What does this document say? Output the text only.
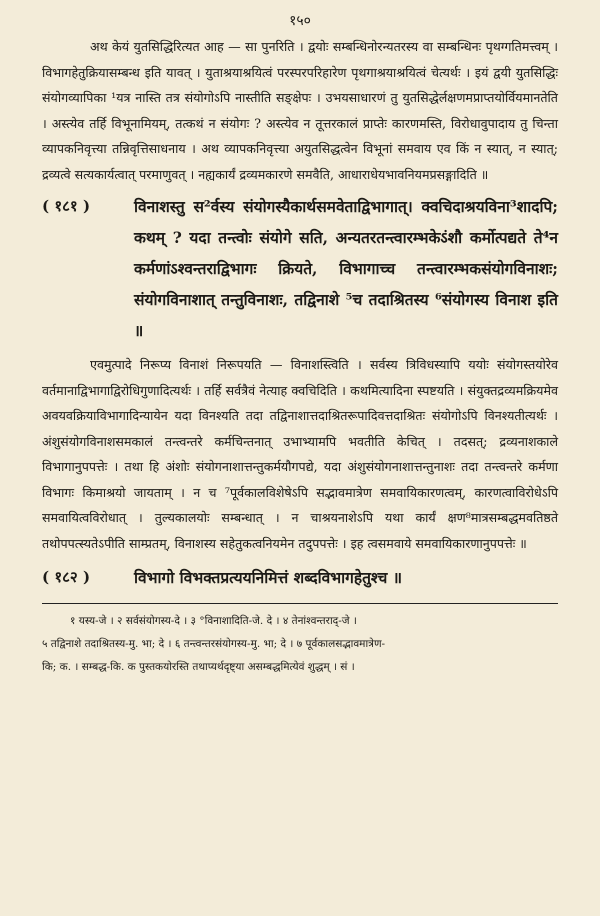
१५०

अथ केयं युतसिद्धिरित्यत आह — सा पुनरिति । द्वयोः सम्बन्धिनोरन्यतरस्य वा सम्बन्धिनः पृथग्गतिमत्त्वम् । विभागहेतुक्रियासम्बन्ध इति यावत् । युताश्रयाश्रयित्वं परस्परपरिहारेण पृथगाश्रयाश्रयित्वं चेत्यर्थः । इयं द्वयी युतसिद्धिः संयोगव्यापिका ¹यत्र नास्ति तत्र संयोगोऽपि नास्तीति सङ्क्षेपः । उभयसाधारणं तु युतसिद्धेर्लक्षणमप्राप्तयोर्वियमानतेति । अस्त्येव तर्हि विभूनामियम्, तत्कथं न संयोगः ? अस्त्येव न तूत्तरकालं प्राप्तेः कारणमस्ति, विरोधावुपादाय तु चिन्ता व्यापकनिवृत्त्या तन्निवृत्तिसाधनाय । अथ व्यापकनिवृत्त्या अयुतसिद्धत्वेन विभूनां समवाय एव किं न स्यात्, न स्यात्; द्रव्यत्वे सत्यकार्यत्वात् परमाणुवत् । नह्यकार्यं द्रव्यमकारणे समवैति, आधाराधेयभावनियमप्रसङ्गादिति ॥

( १८१ )	विनाशस्तु स²र्वस्य संयोगस्यैकार्थसमवेताद्विभागात्। क्वचिदाश्रयविना³शादपि; कथम् ? यदा तन्त्वोः संयोगे सति, अन्यतरतन्त्वारम्भकेऽंशौ कर्मोत्पद्यते ते⁴न कर्मणांऽश्वन्तराद्विभागः क्रियते, विभागाच्च तन्त्वारम्भकसंयोगविनाशः; संयोगविनाशात् तन्तुविनाशः, तद्विनाशे ⁵च तदाश्रितस्य ⁶संयोगस्य विनाश इति ॥

एवमुत्पादे निरूप्य विनाशं निरूपयति — विनाशस्त्विति । सर्वस्य त्रिविधस्यापि ययोः संयोगस्तयोरेव वर्तमानाद्विभागाद्विरोधिगुणादित्यर्थः । तर्हि सर्वत्रैवं नेत्याह क्वचिदिति । कथमित्यादिना स्पष्टयति । संयुक्तद्रव्यमक्रियमेव अवयवक्रियाविभागादिन्यायेन यदा विनश्यति तदा तद्विनाशात्तदाश्रितरूपादिवत्तदाश्रितः संयोगोऽपि विनश्यतीत्यर्थः । अंशुसंयोगविनाशसमकालं तन्त्वन्तरे कर्मचिन्तनात् उभाभ्यामपि भवतीति केचित् । तदसत्; द्रव्यनाशकाले विभागानुपपत्तेः । तथा हि अंशोः संयोगनाशात्तन्तुकर्मयौगपद्ये, यदा अंशुसंयोगनाशात्तन्तुनाशः तदा तन्त्वन्तरे कर्मणा विभागः किमाश्रयो जायताम् । न च ⁷पूर्वकालविशेषेऽपि सद्भावमात्रेण समवायिकारणत्वम्, कारणत्वाविरोधेऽपि समवायित्वविरोधात् । तुल्यकालयोः सम्बन्धात् । न चाश्रयनाशेऽपि यथा कार्यं क्षण⁸मात्रसम्बद्धमवतिष्ठते तथोपपत्स्यतेऽपीति साम्प्रतम्, विनाशस्य सहेतुकत्वनियमेन तदुपपत्तेः । इह त्वसमवाये समवायिकारणानुपपत्तेः ॥

( १८२ )	विभागो विभक्तप्रत्ययनिमित्तं शब्दविभागहेतुश्च ॥

१ यस्य-जे । २ सर्वसंयोगस्य-दे । ३ °विनाशादिति-जे. दे । ४ तेनांश्वन्तराद्-जे ।

५ तद्विनाशे तदाश्रितस्य-मु. भा; दे । ६ तन्त्वन्तरसंयोगस्य-मु. भा; दे । ७ पूर्वकालसद्भावमात्रेण-

कि; क. । सम्बद्ध-कि. क पुस्तकयोरस्ति तथाप्यर्थदृष्ट्या असम्बद्धमित्येवं शुद्धम् । सं ।
